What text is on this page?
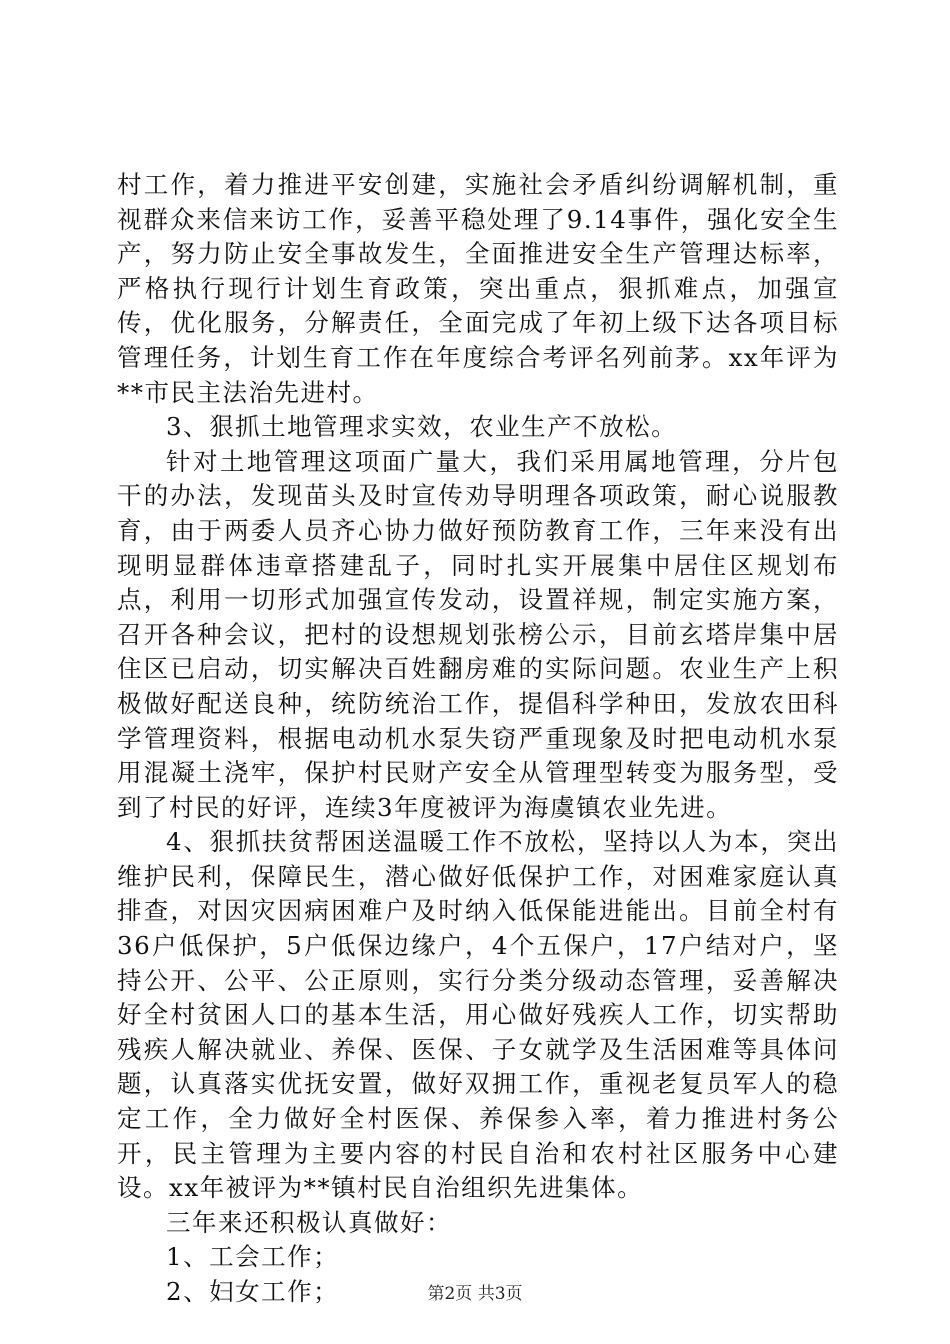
村工作，着力推进平安创建，实施社会矛盾纠纷调解机制，重视群众来信来访工作，妥善平稳处理了9.14事件，强化安全生产，努力防止安全事故发生，全面推进安全生产管理达标率，严格执行现行计划生育政策，突出重点，狠抓难点，加强宣传，优化服务，分解责任，全面完成了年初上级下达各项目标管理任务，计划生育工作在年度综合考评名列前茅。xx年评为**市民主法治先进村。

3、狠抓土地管理求实效，农业生产不放松。

针对土地管理这项面广量大，我们采用属地管理，分片包干的办法，发现苗头及时宣传劝导明理各项政策，耐心说服教育，由于两委人员齐心协力做好预防教育工作，三年来没有出现明显群体违章搭建乱子，同时扎实开展集中居住区规划布点，利用一切形式加强宣传发动，设置祥规，制定实施方案，召开各种会议，把村的设想规划张榜公示，目前玄塔岸集中居住区已启动，切实解决百姓翻房难的实际问题。农业生产上积极做好配送良种，统防统治工作，提倡科学种田，发放农田科学管理资料，根据电动机水泵失窃严重现象及时把电动机水泵用混凝土浇牢，保护村民财产安全从管理型转变为服务型，受到了村民的好评，连续3年度被评为海虞镇农业先进。

4、狠抓扶贫帮困送温暖工作不放松，坚持以人为本，突出维护民利，保障民生，潜心做好低保护工作，对困难家庭认真排查，对因灾因病困难户及时纳入低保能进能出。目前全村有36户低保护，5户低保边缘户，4个五保户，17户结对户，坚持公开、公平、公正原则，实行分类分级动态管理，妥善解决好全村贫困人口的基本生活，用心做好残疾人工作，切实帮助残疾人解决就业、养保、医保、子女就学及生活困难等具体问题，认真落实优抚安置，做好双拥工作，重视老复员军人的稳定工作，全力做好全村医保、养保参入率，着力推进村务公开，民主管理为主要内容的村民自治和农村社区服务中心建设。xx年被评为**镇村民自治组织先进集体。

三年来还积极认真做好：

1、工会工作；

2、妇女工作；	第2页 共3页
